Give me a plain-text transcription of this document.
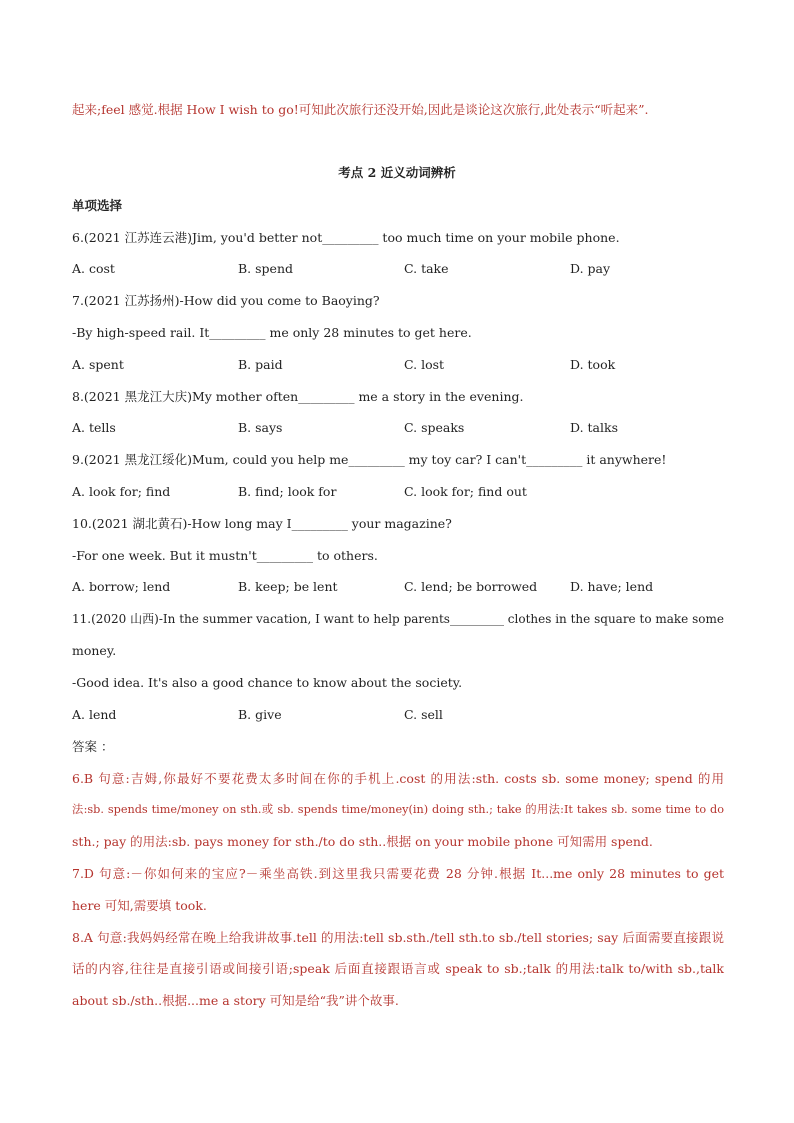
起来;feel 感觉.根据 How I wish to go!可知此次旅行还没开始,因此是谈论这次旅行,此处表示“听起来”.
考点 2 近义动词辨析
单项选择
6.(2021 江苏连云港)Jim, you'd better not_________ too much time on your mobile phone.
A. cost	B. spend	C. take	D. pay
7.(2021 江苏扬州)-How did you come to Baoying?
-By high-speed rail. It_________ me only 28 minutes to get here.
A. spent	B. paid	C. lost	D. took
8.(2021 黑龙江大庆)My mother often_________ me a story in the evening.
A. tells	B. says	C. speaks	D. talks
9.(2021 黑龙江绥化)Mum, could you help me_________ my toy car? I can't_________ it anywhere!
A. look for; find	B. find; look for	C. look for; find out
10.(2021 湖北黄石)-How long may I_________ your magazine?
-For one week. But it mustn't_________ to others.
A. borrow; lend	B. keep; be lent	C. lend; be borrowed	D. have; lend
11.(2020 山西)-In the summer vacation, I want to help parents_________ clothes in the square to make some
money.
-Good idea. It's also a good chance to know about the society.
A. lend	B. give	C. sell
答案 ：
6.B 句意:吉姆,你最好不要花费太多时间在你的手机上.cost 的用法:sth. costs sb. some money; spend 的用
法:sb. spends time/money on sth.或 sb. spends time/money(in) doing sth.; take 的用法:It takes sb. some time to do
sth.; pay 的用法:sb. pays money for sth./to do sth..根据 on your mobile phone 可知需用 spend.
7.D 句意:－你如何来的宝应?－乘坐高铁.到这里我只需要花费 28 分钟.根据 It...me only 28 minutes to get
here 可知,需要填 took.
8.A 句意:我妈妈经常在晚上给我讲故事.tell 的用法:tell sb.sth./tell sth.to sb./tell stories; say 后面需要直接跟说
话的内容,往往是直接引语或间接引语;speak 后面直接跟语言或 speak to sb.;talk 的用法:talk to/with sb.,talk
about sb./sth..根据...me a story 可知是给“我”讲个故事.
